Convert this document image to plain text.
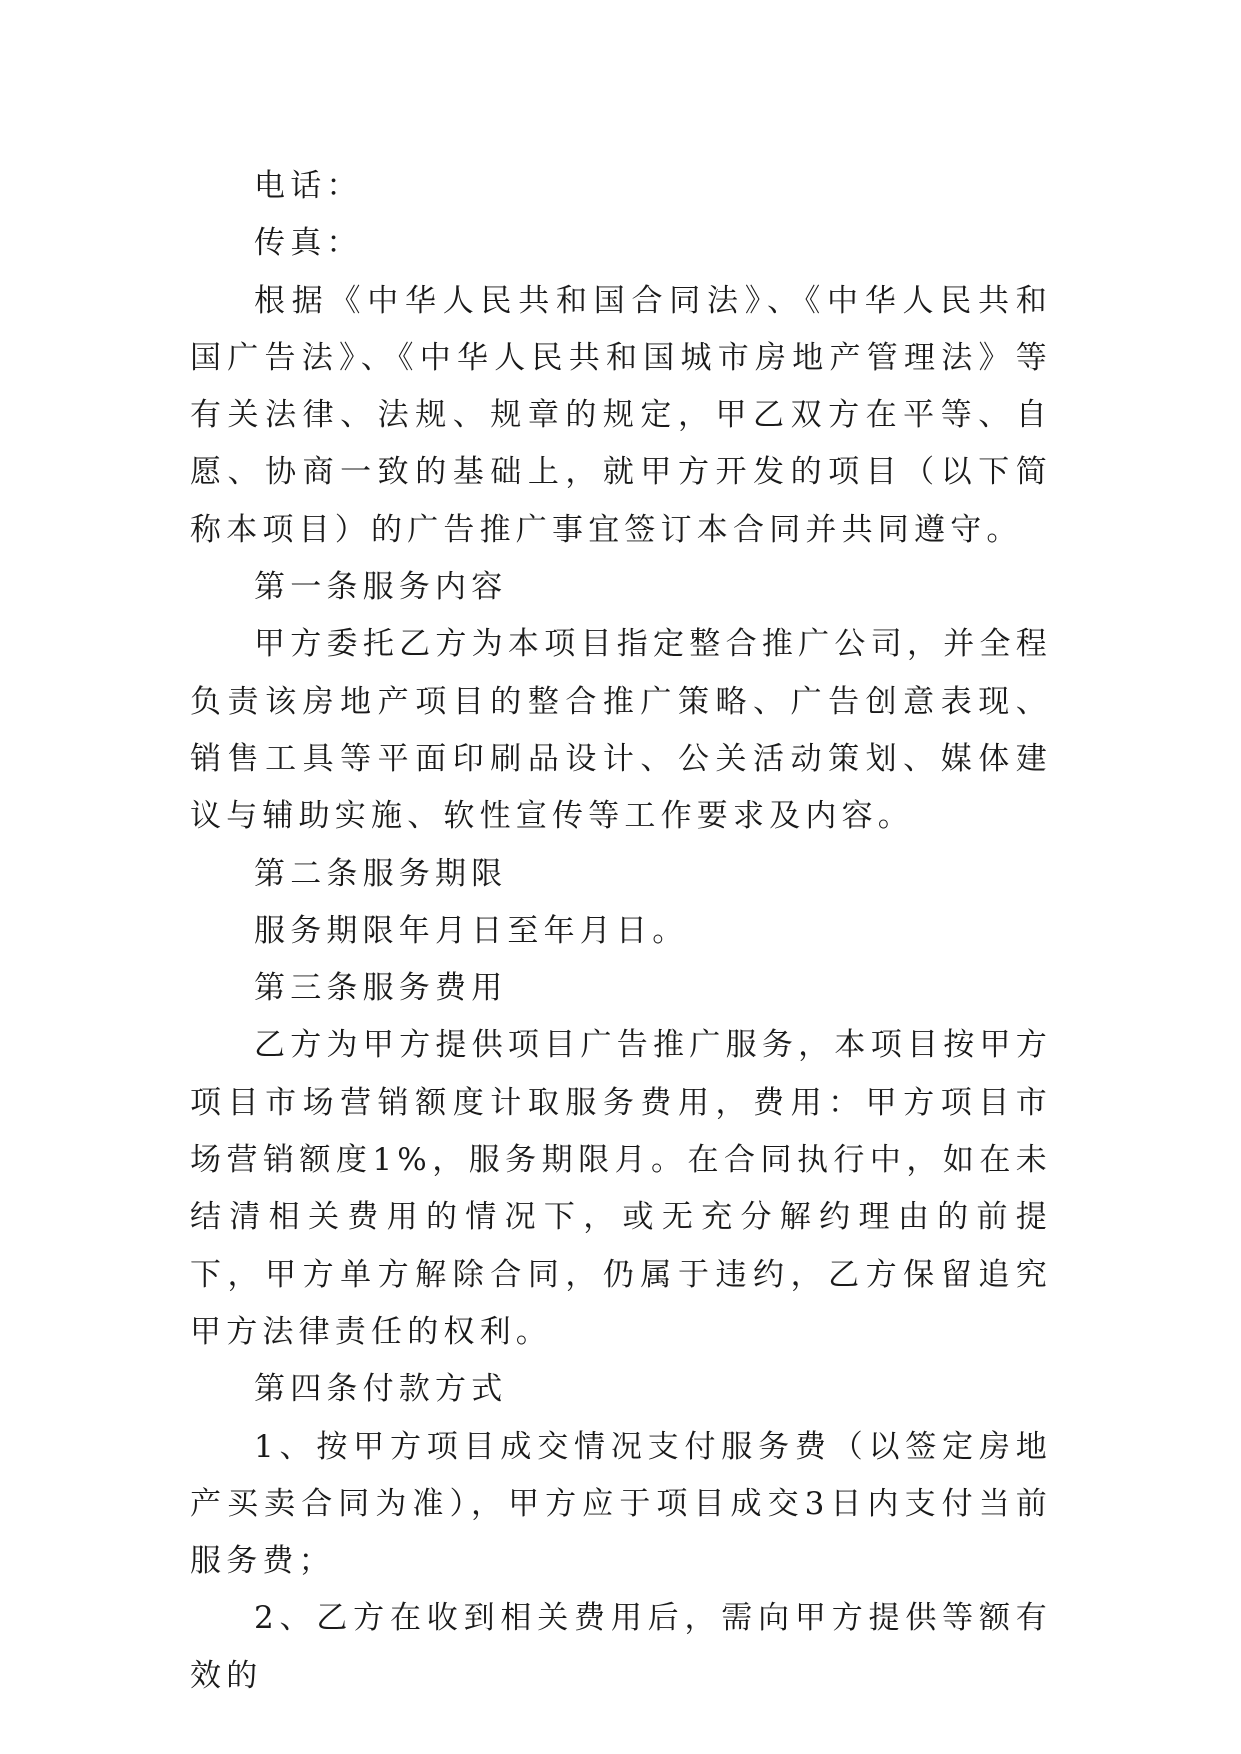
电话：

传真：

根据《中华人民共和国合同法》、《中华人民共和国广告法》、《中华人民共和国城市房地产管理法》等有关法律、法规、规章的规定，甲乙双方在平等、自愿、协商一致的基础上，就甲方开发的项目（以下简称本项目）的广告推广事宜签订本合同并共同遵守。

第一条服务内容

甲方委托乙方为本项目指定整合推广公司，并全程负责该房地产项目的整合推广策略、广告创意表现、销售工具等平面印刷品设计、公关活动策划、媒体建议与辅助实施、软性宣传等工作要求及内容。

第二条服务期限

服务期限年月日至年月日。

第三条服务费用

乙方为甲方提供项目广告推广服务，本项目按甲方项目市场营销额度计取服务费用，费用：甲方项目市场营销额度1%，服务期限月。在合同执行中，如在未结清相关费用的情况下，或无充分解约理由的前提下，甲方单方解除合同，仍属于违约，乙方保留追究甲方法律责任的权利。

第四条付款方式

1、按甲方项目成交情况支付服务费（以签定房地产买卖合同为准），甲方应于项目成交3日内支付当前服务费；

2、乙方在收到相关费用后，需向甲方提供等额有效的
